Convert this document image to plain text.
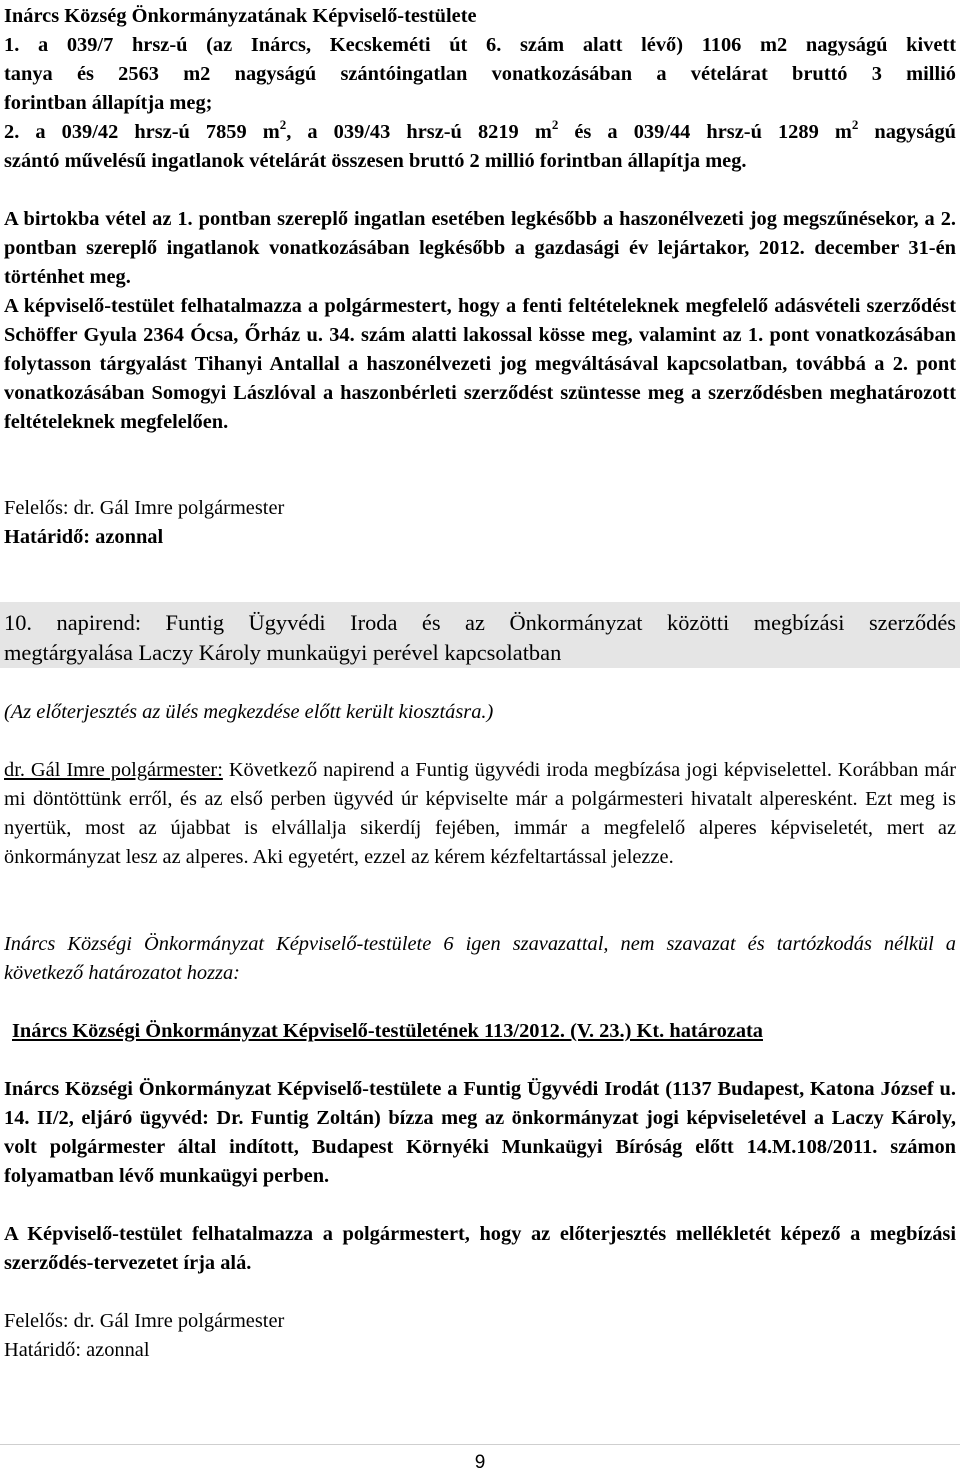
Inárcs Község Önkormányzatának Képviselő-testülete

1. a 039/7 hrsz-ú (az Inárcs, Kecskeméti út 6. szám alatt lévő) 1106 m2 nagyságú kivett

tanya és 2563 m2 nagyságú szántóingatlan vonatkozásában a vételárat bruttó 3 millió

forintban állapítja meg;

2. a 039/42 hrsz-ú 7859 $m^2$, a 039/43 hrsz-ú 8219 $m^2$ és a 039/44 hrsz-ú 1289 $m^2$ nagyságú

szántó művelésű ingatlanok vételárát összesen bruttó 2 millió forintban állapítja meg.

A birtokba vétel az 1. pontban szereplő ingatlan esetében legkésőbb a haszonélvezeti jog megszűnésekor, a 2. pontban szereplő ingatlanok vonatkozásában legkésőbb a gazdasági év lejártakor, 2012. december 31-én történhet meg.

A képviselő-testület felhatalmazza a polgármestert, hogy a fenti feltételeknek megfelelő adásvételi szerződést Schöffer Gyula 2364 Ócsa, Őrház u. 34. szám alatti lakossal kösse meg, valamint az 1. pont vonatkozásában folytasson tárgyalást Tihanyi Antallal a haszonélvezeti jog megváltásával kapcsolatban, továbbá a 2. pont vonatkozásában Somogyi Lászlóval a haszonbérleti szerződést szüntesse meg a szerződésben meghatározott feltételeknek megfelelően.

Felelős: dr. Gál Imre polgármester

Határidő: azonnal

10. napirend: Funtig Ügyvédi Iroda és az Önkormányzat közötti megbízási szerződés

megtárgyalása Laczy Károly munkaügyi perével kapcsolatban

(Az előterjesztés az ülés megkezdése előtt került kiosztásra.)

dr. Gál Imre polgármester: Következő napirend a Funtig ügyvédi iroda megbízása jogi képviselettel. Korábban már mi döntöttünk erről, és az első perben ügyvéd úr képviselte már a polgármesteri hivatalt alperesként. Ezt meg is nyertük, most az újabbat is elvállalja sikerdíj fejében, immár a megfelelő alperes képviseletét, mert az önkormányzat lesz az alperes. Aki egyetért, ezzel az kérem kézfeltartással jelezze.

Inárcs Községi Önkormányzat Képviselő-testülete 6 igen szavazattal, nem szavazat és tartózkodás nélkül a következő határozatot hozza:

Inárcs Községi Önkormányzat Képviselő-testületének 113/2012. (V. 23.) Kt. határozata

Inárcs Községi Önkormányzat Képviselő-testülete a Funtig Ügyvédi Irodát (1137 Budapest, Katona József u. 14. II/2, eljáró ügyvéd: Dr. Funtig Zoltán) bízza meg az önkormányzat jogi képviseletével a Laczy Károly, volt polgármester által indított, Budapest Környéki Munkaügyi Bíróság előtt 14.M.108/2011. számon folyamatban lévő munkaügyi perben.

A Képviselő-testület felhatalmazza a polgármestert, hogy az előterjesztés mellékletét képező a megbízási szerződés-tervezetet írja alá.

Felelős: dr. Gál Imre polgármester

Határidő: azonnal

9
